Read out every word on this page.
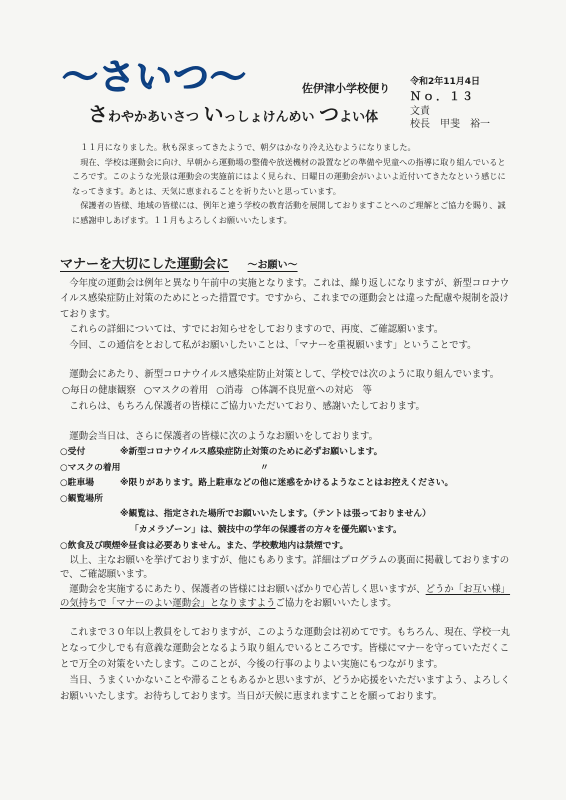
〜さいつ〜	佐伊津小学校便り
さわやかあいさつ いっしょけんめい つよい体
令和2年11月4日
Ｎｏ．１３
文責
校長　甲斐　裕一

１１月になりました。秋も深まってきたようで、朝夕はかなり冷え込むようになりました。

現在、学校は運動会に向け、早朝から運動場の整備や放送機材の設置などの準備や児童への指導に取り組んでいるところです。このような光景は運動会の実施前にはよく見られ、日曜日の運動会がいよいよ近付いてきたなという感じになってきます。あとは、天気に恵まれることを祈りたいと思っています。

保護者の皆様、地域の皆様には、例年と違う学校の教育活動を展開しておりますことへのご理解とご協力を賜り、誠に感謝申しあげます。１１月もよろしくお願いいたします。

マナーを大切にした運動会に 〜お願い〜

今年度の運動会は例年と異なり午前中の実施となります。これは、繰り返しになりますが、新型コロナウイルス感染症防止対策のためにとった措置です。ですから、これまでの運動会とは違った配慮や規制を設けております。

これらの詳細については、すでにお知らせをしておりますので、再度、ご確認願います。

今回、この通信をとおして私がお願いしたいことは、「マナーを重視願います」ということです。

運動会にあたり、新型コロナウイルス感染症防止対策として、学校では次のように取り組んでいます。

○毎日の健康観察 ○マスクの着用 ○消毒 ○体調不良児童への対応　等

これらは、もちろん保護者の皆様にご協力いただいており、感謝いたしております。

運動会当日は、さらに保護者の皆様に次のようなお願いをしております。

○受付	※新型コロナウイルス感染症防止対策のために必ずお願いします。
○マスクの着用	〃
○駐車場	※限りがあります。路上駐車などの他に迷惑をかけるようなことはお控えください。
○観覧場所
※観覧は、指定された場所でお願いいたします。（テントは張っておりません）
「カメラゾーン」は、競技中の学年の保護者の方々を優先願います。
○飲食及び喫煙 ※昼食は必要ありません。また、学校敷地内は禁煙です。

以上、主なお願いを挙げておりますが、他にもあります。詳細はプログラムの裏面に掲載しておりますので、ご確認願います。

運動会を実施するにあたり、保護者の皆様にはお願いばかりで心苦しく思いますが、どうか「お互い様」の気持ちで「マナーのよい運動会」となりますようご協力をお願いいたします。

これまで３０年以上教員をしておりますが、このような運動会は初めてです。もちろん、現在、学校一丸となって少しでも有意義な運動会となるよう取り組んでいるところです。皆様にマナーを守っていただくことで万全の対策をいたします。このことが、今後の行事のよりよい実施にもつながります。

当日、うまくいかないことや滞ることもあるかと思いますが、どうか応援をいただいますよう、よろしくお願いいたします。お待ちしております。当日が天候に恵まれますことを願っております。
